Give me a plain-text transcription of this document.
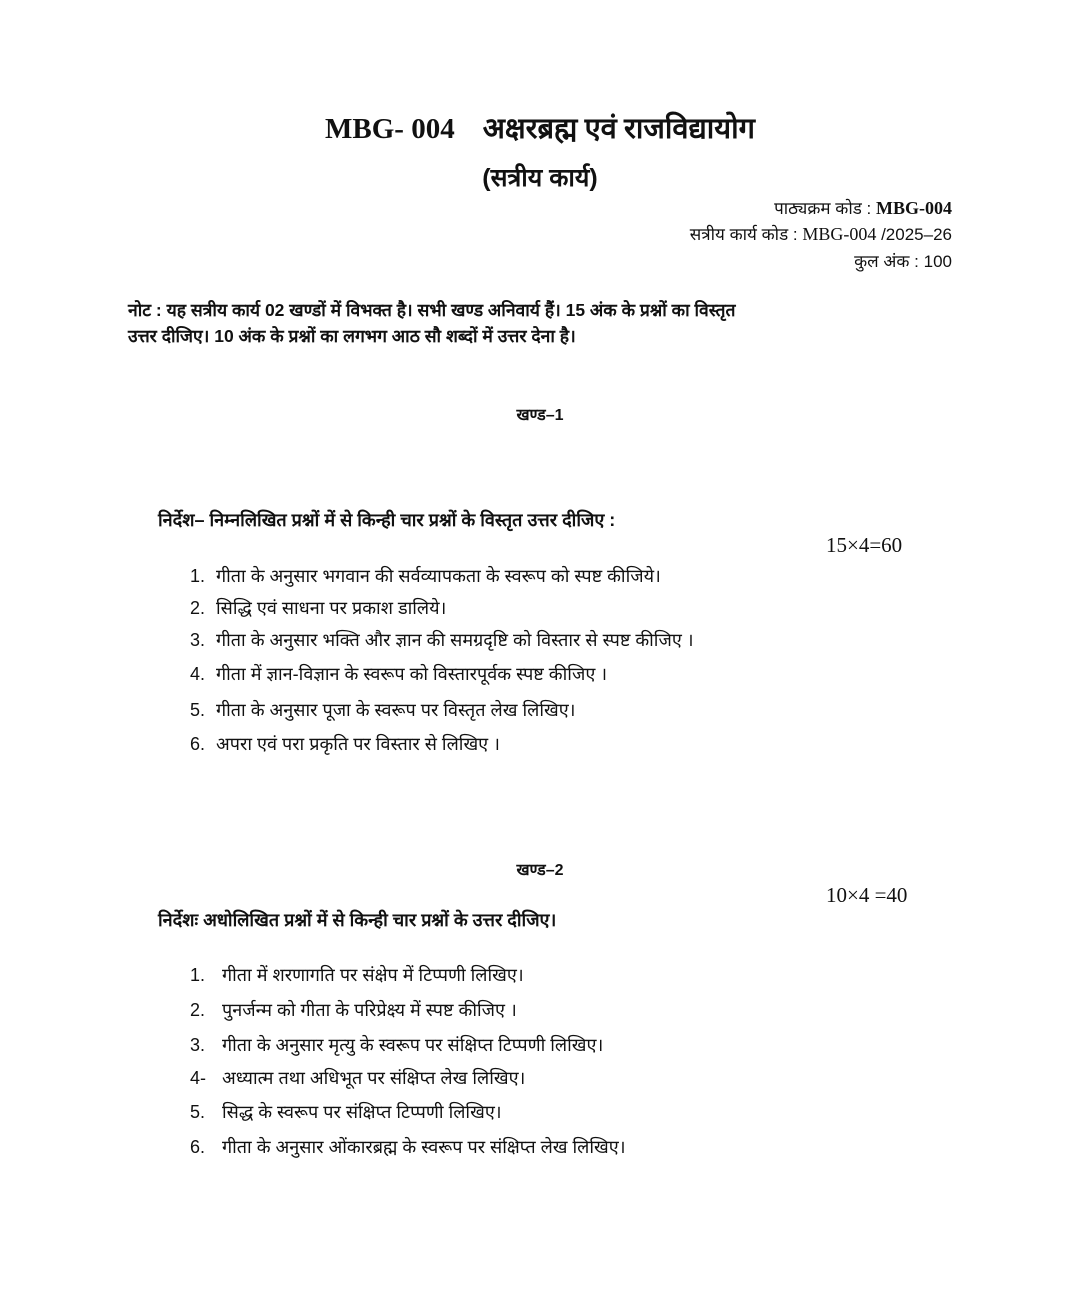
MBG- 004 अक्षरब्रह्म एवं राजविद्यायोग
(सत्रीय कार्य)
पाठ्यक्रम कोड : MBG-004
सत्रीय कार्य कोड : MBG-004 /2025–26
कुल अंक : 100
नोट : यह सत्रीय कार्य 02 खण्डों में विभक्त है। सभी खण्ड अनिवार्य हैं। 15 अंक के प्रश्नों का विस्तृत
उत्तर दीजिए। 10 अंक के प्रश्नों का लगभग आठ सौ शब्दों में उत्तर देना है।
खण्ड–1
निर्देश– निम्नलिखित प्रश्नों में से किन्ही चार प्रश्नों के विस्तृत उत्तर दीजिए :
15×4=60
1. गीता के अनुसार भगवान की सर्वव्यापकता के स्वरूप को स्पष्ट कीजिये।
2. सिद्धि एवं साधना पर प्रकाश डालिये।
3. गीता के अनुसार भक्ति और ज्ञान की समग्रदृष्टि को विस्तार से स्पष्ट कीजिए ।
4. गीता में ज्ञान-विज्ञान के स्वरूप को विस्तारपूर्वक स्पष्ट कीजिए ।
5. गीता के अनुसार पूजा के स्वरूप पर विस्तृत लेख लिखिए।
6. अपरा एवं परा प्रकृति पर विस्तार से लिखिए ।
खण्ड–2
10×4 =40
निर्देशः अधोलिखित प्रश्नों में से किन्ही चार प्रश्नों के उत्तर दीजिए।
1. गीता में शरणागति पर संक्षेप में टिप्पणी लिखिए।
2. पुनर्जन्म को गीता के परिप्रेक्ष्य में स्पष्ट कीजिए ।
3. गीता के अनुसार मृत्यु के स्वरूप पर संक्षिप्त टिप्पणी लिखिए।
4- अध्यात्म तथा अधिभूत पर संक्षिप्त लेख लिखिए।
5. सिद्ध के स्वरूप पर संक्षिप्त टिप्पणी लिखिए।
6. गीता के अनुसार ओंकारब्रह्म के स्वरूप पर संक्षिप्त लेख लिखिए।
